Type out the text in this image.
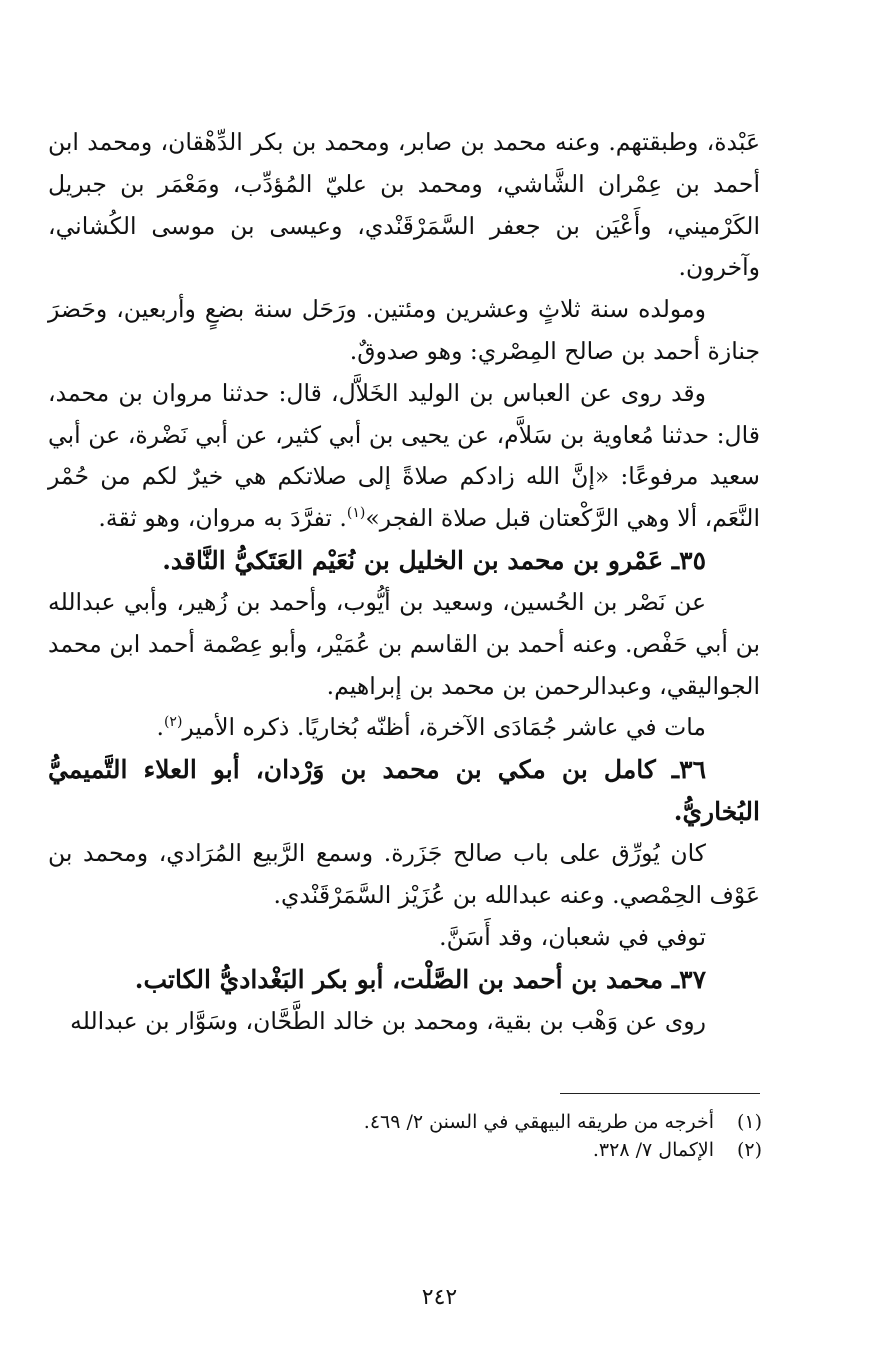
عَبْدة، وطبقتهم. وعنه محمد بن صابر، ومحمد بن بكر الدِّهْقان، ومحمد ابن أحمد بن عِمْران الشَّاشي، ومحمد بن عليّ المُؤدِّب، ومَعْمَر بن جبريل الكَرْميني، وأَعْيَن بن جعفر السَّمَرْقَنْدي، وعيسى بن موسى الكُشاني، وآخرون.

ومولده سنة ثلاثٍ وعشرين ومئتين. ورَحَل سنة بضعٍ وأربعين، وحَضرَ جنازة أحمد بن صالح المِصْري: وهو صدوقٌ.

وقد روى عن العباس بن الوليد الخَلاَّل، قال: حدثنا مروان بن محمد، قال: حدثنا مُعاوية بن سَلاَّم، عن يحيى بن أبي كثير، عن أبي نَضْرة، عن أبي سعيد مرفوعًا: «إنَّ الله زادكم صلاةً إلى صلاتكم هي خيرٌ لكم من حُمْر النَّعَم، ألا وهي الرَّكْعتان قبل صلاة الفجر»$^{(١)}$. تفرَّدَ به مروان، وهو ثقة.

٣٥ـ عَمْرو بن محمد بن الخليل بن نُعَيْم العَتَكيُّ النَّاقد.

عن نَصْر بن الحُسين، وسعيد بن أيُّوب، وأحمد بن زُهير، وأبي عبدالله بن أبي حَفْص. وعنه أحمد بن القاسم بن عُمَيْر، وأبو عِصْمة أحمد ابن محمد الجواليقي، وعبدالرحمن بن محمد بن إبراهيم.

مات في عاشر جُمَادَى الآخرة، أظنّه بُخاريًا. ذكره الأمير$^{(٢)}$.

٣٦ـ كامل بن مكي بن محمد بن وَرْدان، أبو العلاء التَّميميُّ البُخاريُّ.

كان يُورِّق على باب صالح جَزَرة. وسمع الرَّبيع المُرَادي، ومحمد بن عَوْف الحِمْصي. وعنه عبدالله بن عُزَيْز السَّمَرْقَنْدي.

توفي في شعبان، وقد أَسَنَّ.

٣٧ـ محمد بن أحمد بن الصَّلْت، أبو بكر البَغْداديُّ الكاتب.

روى عن وَهْب بن بقية، ومحمد بن خالد الطَّحَّان، وسَوَّار بن عبدالله

(١)
أخرجه من طريقه البيهقي في السنن ٢/ ٤٦٩.
(٢)
الإكمال ٧/ ٣٢٨.
٢٤٢
